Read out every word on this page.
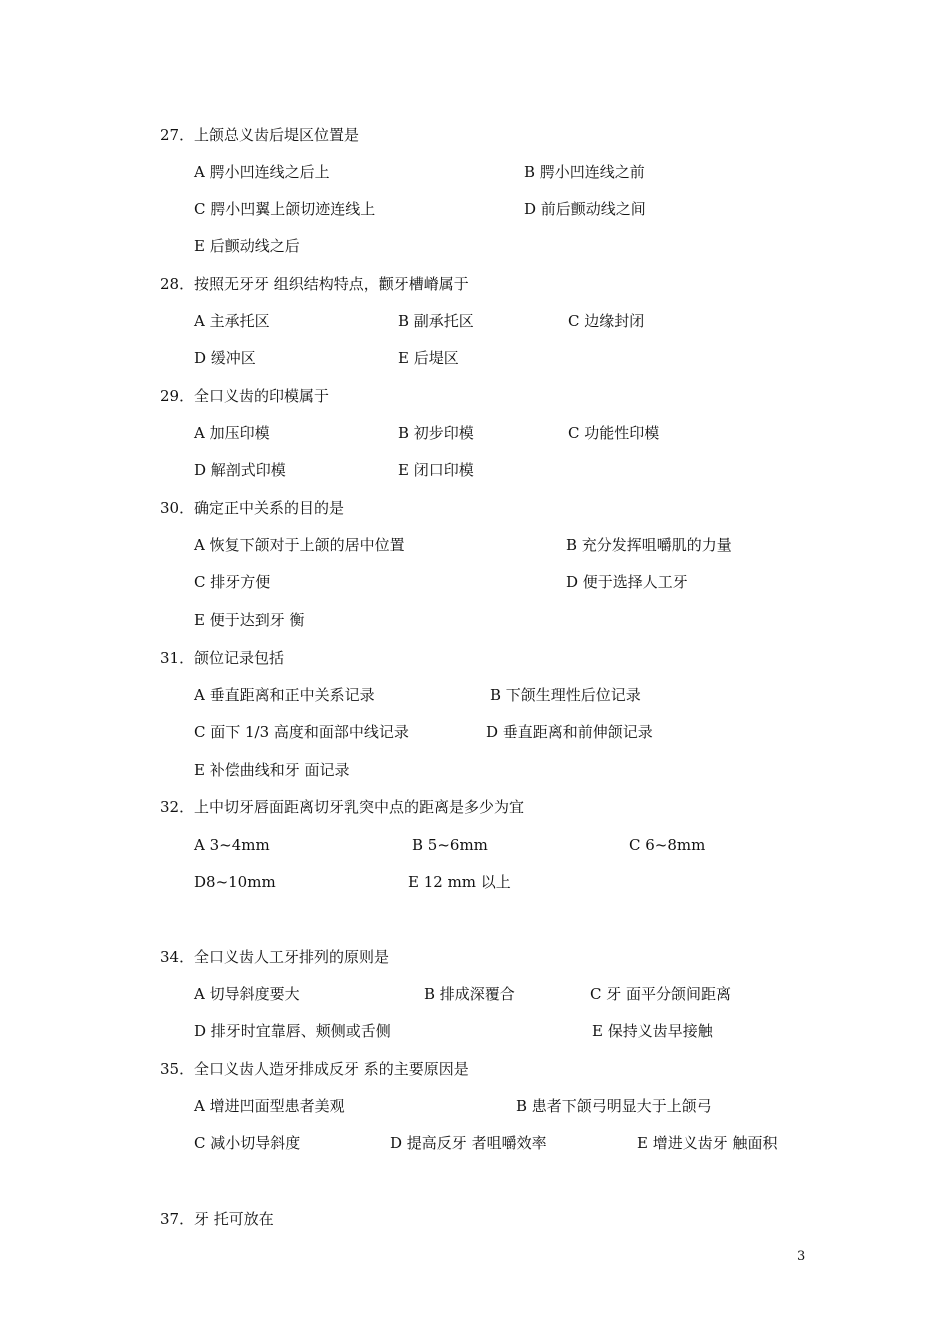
27． 上颌总义齿后堤区位置是
A 腭小凹连线之后上	B 腭小凹连线之前
C 腭小凹翼上颌切迹连线上	D 前后颤动线之间
E 后颤动线之后
28． 按照无牙牙 组织结构特点，颧牙槽嵴属于
A 主承托区	B 副承托区	C 边缘封闭
D 缓冲区	E 后堤区
29． 全口义齿的印模属于
A 加压印模	B 初步印模	C 功能性印模
D 解剖式印模	E 闭口印模
30． 确定正中关系的目的是
A 恢复下颌对于上颌的居中位置	B 充分发挥咀嚼肌的力量
C 排牙方便	D 便于选择人工牙
E 便于达到牙 衡
31． 颌位记录包括
A 垂直距离和正中关系记录	B 下颌生理性后位记录
C 面下 1/3 高度和面部中线记录	D 垂直距离和前伸颌记录
E 补偿曲线和牙 面记录
32． 上中切牙唇面距离切牙乳突中点的距离是多少为宜
A 3~4mm	B 5~6mm	C 6~8mm
D8~10mm	E 12 mm 以上
34． 全口义齿人工牙排列的原则是
A 切导斜度要大	B 排成深覆合	C 牙 面平分颌间距离
D 排牙时宜靠唇、颊侧或舌侧	E 保持义齿早接触
35． 全口义齿人造牙排成反牙 系的主要原因是
A 增进凹面型患者美观	B 患者下颌弓明显大于上颌弓
C 减小切导斜度	D 提高反牙 者咀嚼效率	E 增进义齿牙 触面积
37． 牙 托可放在
3
